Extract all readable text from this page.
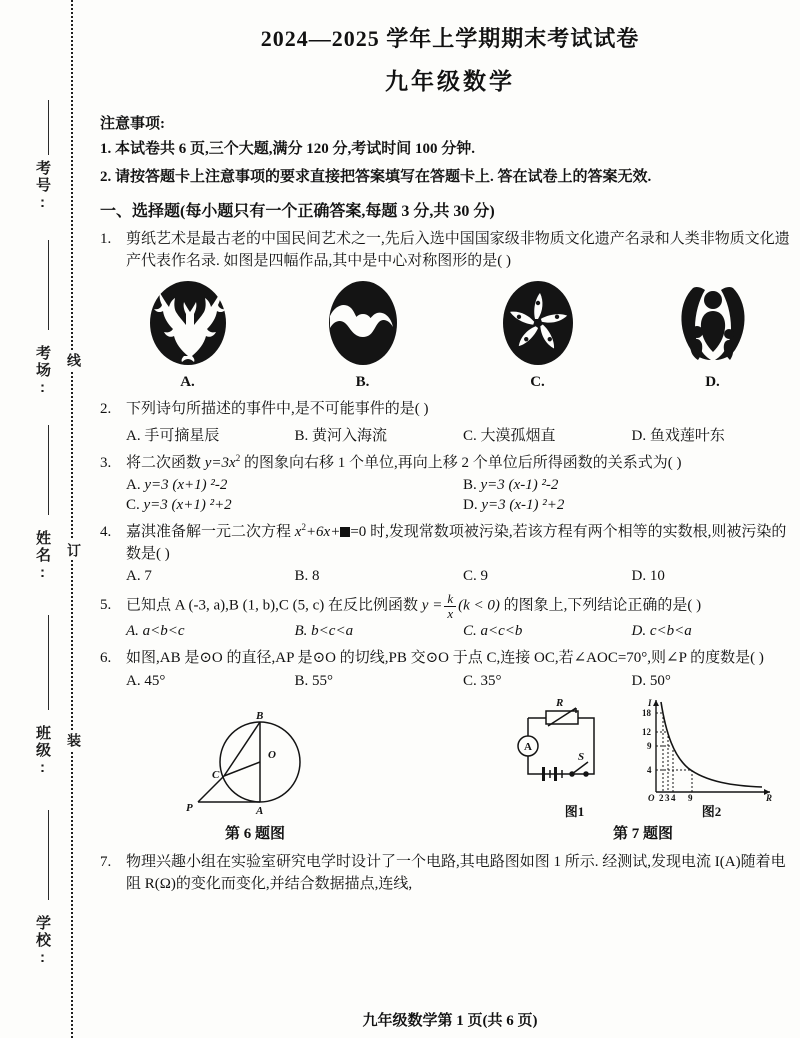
考号:
考场:
姓名:
班级:
学校:
线
订
装
2024—2025 学年上学期期末考试试卷
九年级数学
注意事项:
1. 本试卷共 6 页,三个大题,满分 120 分,考试时间 100 分钟.
2. 请按答题卡上注意事项的要求直接把答案填写在答题卡上. 答在试卷上的答案无效.
一、选择题(每小题只有一个正确答案,每题 3 分,共 30 分)
1. 剪纸艺术是最古老的中国民间艺术之一,先后入选中国国家级非物质文化遗产名录和人类非物质文化遗产代表作名录. 如图是四幅作品,其中是中心对称图形的是( )

A.	B.	C.	D.
2. 下列诗句所描述的事件中,是不可能事件的是( )

A. 手可摘星辰	B. 黄河入海流	C. 大漠孤烟直	D. 鱼戏莲叶东
3. 将二次函数 $y=3x^2$ 的图象向右移 1 个单位,再向上移 2 个单位后所得函数的关系式为( )

A. y=3 (x+1) ²-2	B. y=3 (x-1) ²-2
C. y=3 (x+1) ²+2	D. y=3 (x-1) ²+2
4. 嘉淇准备解一元二次方程 $x^2+6x+ =0$ 时,发现常数项被污染,若该方程有两个相等的实数根,则被污染的数是( )

A. 7	B. 8	C. 9	D. 10
5. 已知点 A (-3, a),B (1, b),C (5, c) 在反比例函数 $y = \frac{k}{x} (k < 0)$ 的图象上,下列结论正确的是( )

A. a<b<c	B. b<c<a	C. a<c<b	D. c<b<a
6. 如图,AB 是⊙O 的直径,AP 是⊙O 的切线,PB 交⊙O 于点 C,连接 OC,若∠AOC=70°,则∠P 的度数是( )

A. 45°	B. 55°	C. 35°	D. 50°
B
O
C
A
P
第 6 题图
A
R
S
18
12
9
4
O 2 3 4 9
I
R
图1	图2
第 7 题图
7. 物理兴趣小组在实验室研究电学时设计了一个电路,其电路图如图 1 所示. 经测试,发现电流 I(A)随着电阻 R(Ω)的变化而变化,并结合数据描点,连线,

九年级数学第 1 页(共 6 页)
